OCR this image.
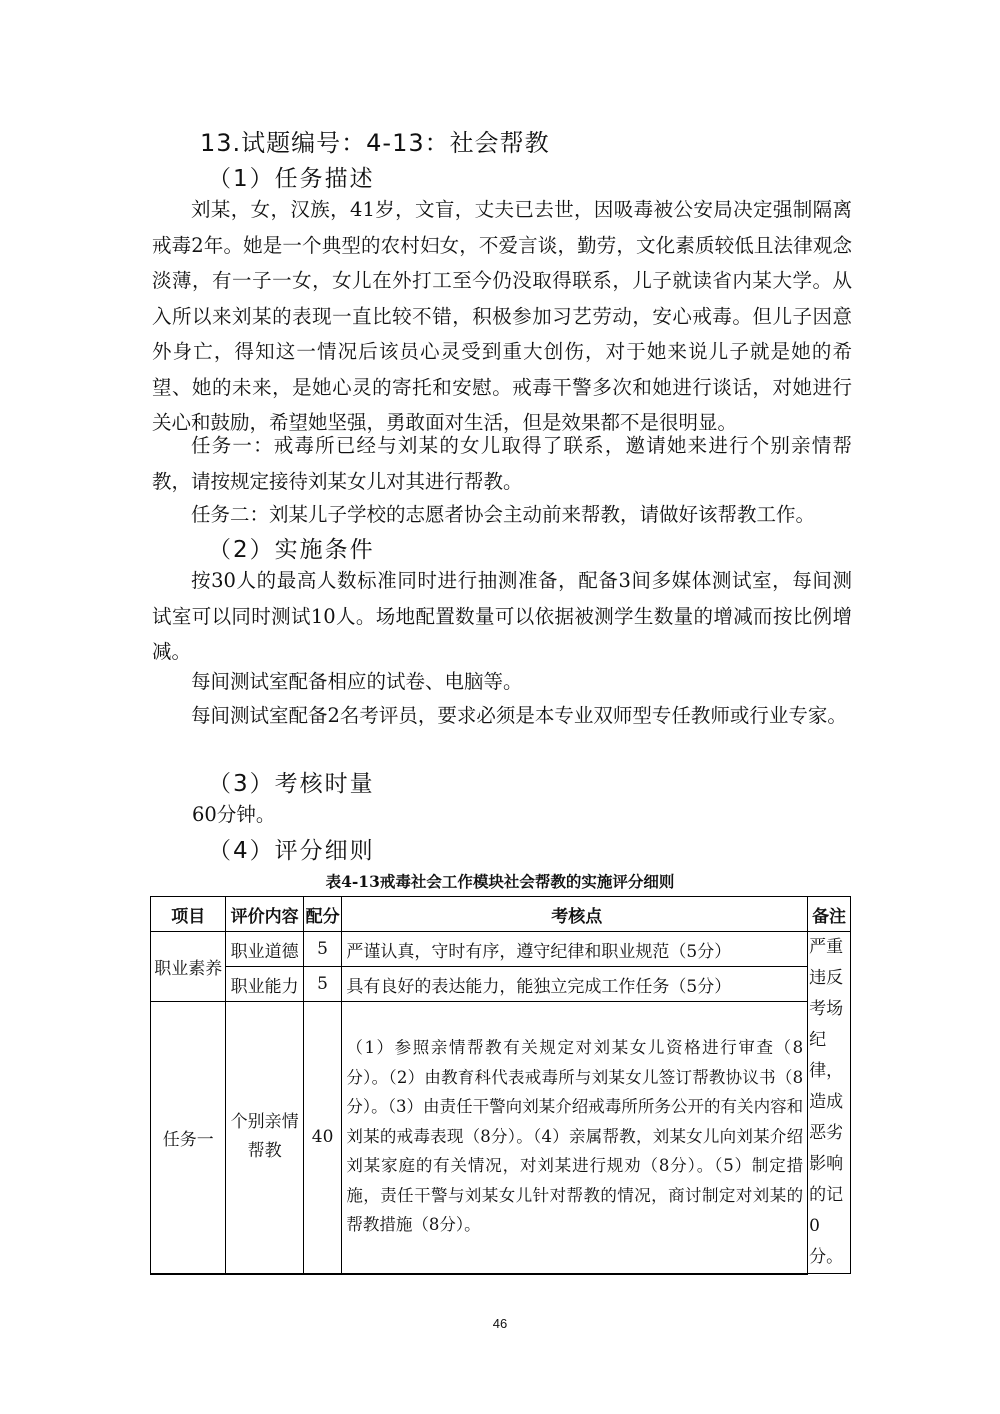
13.试题编号：4-13：社会帮教
（1）任务描述

刘某，女，汉族，41岁，文盲，丈夫已去世，因吸毒被公安局决定强制隔离戒毒2年。她是一个典型的农村妇女，不爱言谈，勤劳，文化素质较低且法律观念淡薄，有一子一女，女儿在外打工至今仍没取得联系，儿子就读省内某大学。从入所以来刘某的表现一直比较不错，积极参加习艺劳动，安心戒毒。但儿子因意外身亡，得知这一情况后该员心灵受到重大创伤，对于她来说儿子就是她的希望、她的未来，是她心灵的寄托和安慰。戒毒干警多次和她进行谈话，对她进行关心和鼓励，希望她坚强，勇敢面对生活，但是效果都不是很明显。

任务一：戒毒所已经与刘某的女儿取得了联系，邀请她来进行个别亲情帮教，请按规定接待刘某女儿对其进行帮教。

任务二：刘某儿子学校的志愿者协会主动前来帮教，请做好该帮教工作。

（2）实施条件

按30人的最高人数标准同时进行抽测准备，配备3间多媒体测试室，每间测试室可以同时测试10人。场地配置数量可以依据被测学生数量的增减而按比例增减。

每间测试室配备相应的试卷、电脑等。

每间测试室配备2名考评员，要求必须是本专业双师型专任教师或行业专家。

（3）考核时量

60分钟。

（4）评分细则
表4-13戒毒社会工作模块社会帮教的实施评分细则
项目	评价内容	配分	考核点	备注
职业素养	职业道德	5	严谨认真，守时有序，遵守纪律和职业规范（5分）	严重违反考场纪律，造成恶劣影响的记0分。
	职业能力	5	具有良好的表达能力，能独立完成工作任务（5分）	
任务一	个别亲情帮教	40	（1）参照亲情帮教有关规定对刘某女儿资格进行审查（8分）。（2）由教育科代表戒毒所与刘某女儿签订帮教协议书（8分）。（3）由责任干警向刘某介绍戒毒所所务公开的有关内容和刘某的戒毒表现（8分）。（4）亲属帮教，刘某女儿向刘某介绍刘某家庭的有关情况，对刘某进行规劝（8分）。（5）制定措施，责任干警与刘某女儿针对帮教的情况，商讨制定对刘某的帮教措施（8分）。	
46
